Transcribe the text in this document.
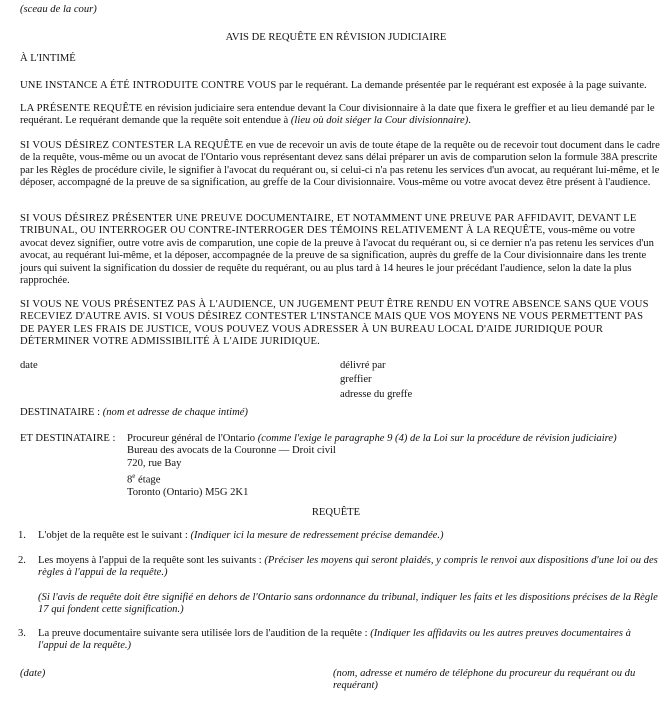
(sceau de la cour)
AVIS DE REQUÊTE EN RÉVISION JUDICIAIRE
À L'INTIMÉ

UNE INSTANCE A ÉTÉ INTRODUITE CONTRE VOUS par le requérant. La demande présentée par le requérant est exposée à la page suivante.

LA PRÉSENTE REQUÊTE en révision judiciaire sera entendue devant la Cour divisionnaire à la date que fixera le greffier et au lieu demandé par le requérant. Le requérant demande que la requête soit entendue à (lieu où doit siéger la Cour divisionnaire).

SI VOUS DÉSIREZ CONTESTER LA REQUÊTE en vue de recevoir un avis de toute étape de la requête ou de recevoir tout document dans le cadre de la requête, vous-même ou un avocat de l'Ontario vous représentant devez sans délai préparer un avis de comparution selon la formule 38A prescrite par les Règles de procédure civile, le signifier à l'avocat du requérant ou, si celui-ci n'a pas retenu les services d'un avocat, au requérant lui-même, et le déposer, accompagné de la preuve de sa signification, au greffe de la Cour divisionnaire. Vous-même ou votre avocat devez être présent à l'audience.

SI VOUS DÉSIREZ PRÉSENTER UNE PREUVE DOCUMENTAIRE, ET NOTAMMENT UNE PREUVE PAR AFFIDAVIT, DEVANT LE TRIBUNAL, OU INTERROGER OU CONTRE-INTERROGER DES TÉMOINS RELATIVEMENT À LA REQUÊTE, vous-même ou votre avocat devez signifier, outre votre avis de comparution, une copie de la preuve à l'avocat du requérant ou, si ce dernier n'a pas retenu les services d'un avocat, au requérant lui-même, et la déposer, accompagnée de la preuve de sa signification, auprès du greffe de la Cour divisionnaire dans les trente jours qui suivent la signification du dossier de requête du requérant, ou au plus tard à 14 heures le jour précédant l'audience, selon la date la plus rapprochée.

SI VOUS NE VOUS PRÉSENTEZ PAS À L'AUDIENCE, UN JUGEMENT PEUT ÊTRE RENDU EN VOTRE ABSENCE SANS QUE VOUS RECEVIEZ D'AUTRE AVIS. SI VOUS DÉSIREZ CONTESTER L'INSTANCE MAIS QUE VOS MOYENS NE VOUS PERMETTENT PAS DE PAYER LES FRAIS DE JUSTICE, VOUS POUVEZ VOUS ADRESSER À UN BUREAU LOCAL D'AIDE JURIDIQUE POUR DÉTERMINER VOTRE ADMISSIBILITÉ À L'AIDE JURIDIQUE.

date	délivré par
greffier
adresse du greffe
DESTINATAIRE : (nom et adresse de chaque intimé)
ET DESTINATAIRE : Procureur général de l'Ontario (comme l'exige le paragraphe 9 (4) de la Loi sur la procédure de révision judiciaire)
Bureau des avocats de la Couronne — Droit civil
720, rue Bay
8e étage
Toronto (Ontario) M5G 2K1
REQUÊTE
1. L'objet de la requête est le suivant : (Indiquer ici la mesure de redressement précise demandée.)

2. Les moyens à l'appui de la requête sont les suivants : (Préciser les moyens qui seront plaidés, y compris le renvoi aux dispositions d'une loi ou des règles à l'appui de la requête.)

(Si l'avis de requête doit être signifié en dehors de l'Ontario sans ordonnance du tribunal, indiquer les faits et les dispositions précises de la Règle 17 qui fondent cette signification.)

3. La preuve documentaire suivante sera utilisée lors de l'audition de la requête : (Indiquer les affidavits ou les autres preuves documentaires à l'appui de la requête.)

(date)	(nom, adresse et numéro de téléphone du procureur du requérant ou du requérant)
